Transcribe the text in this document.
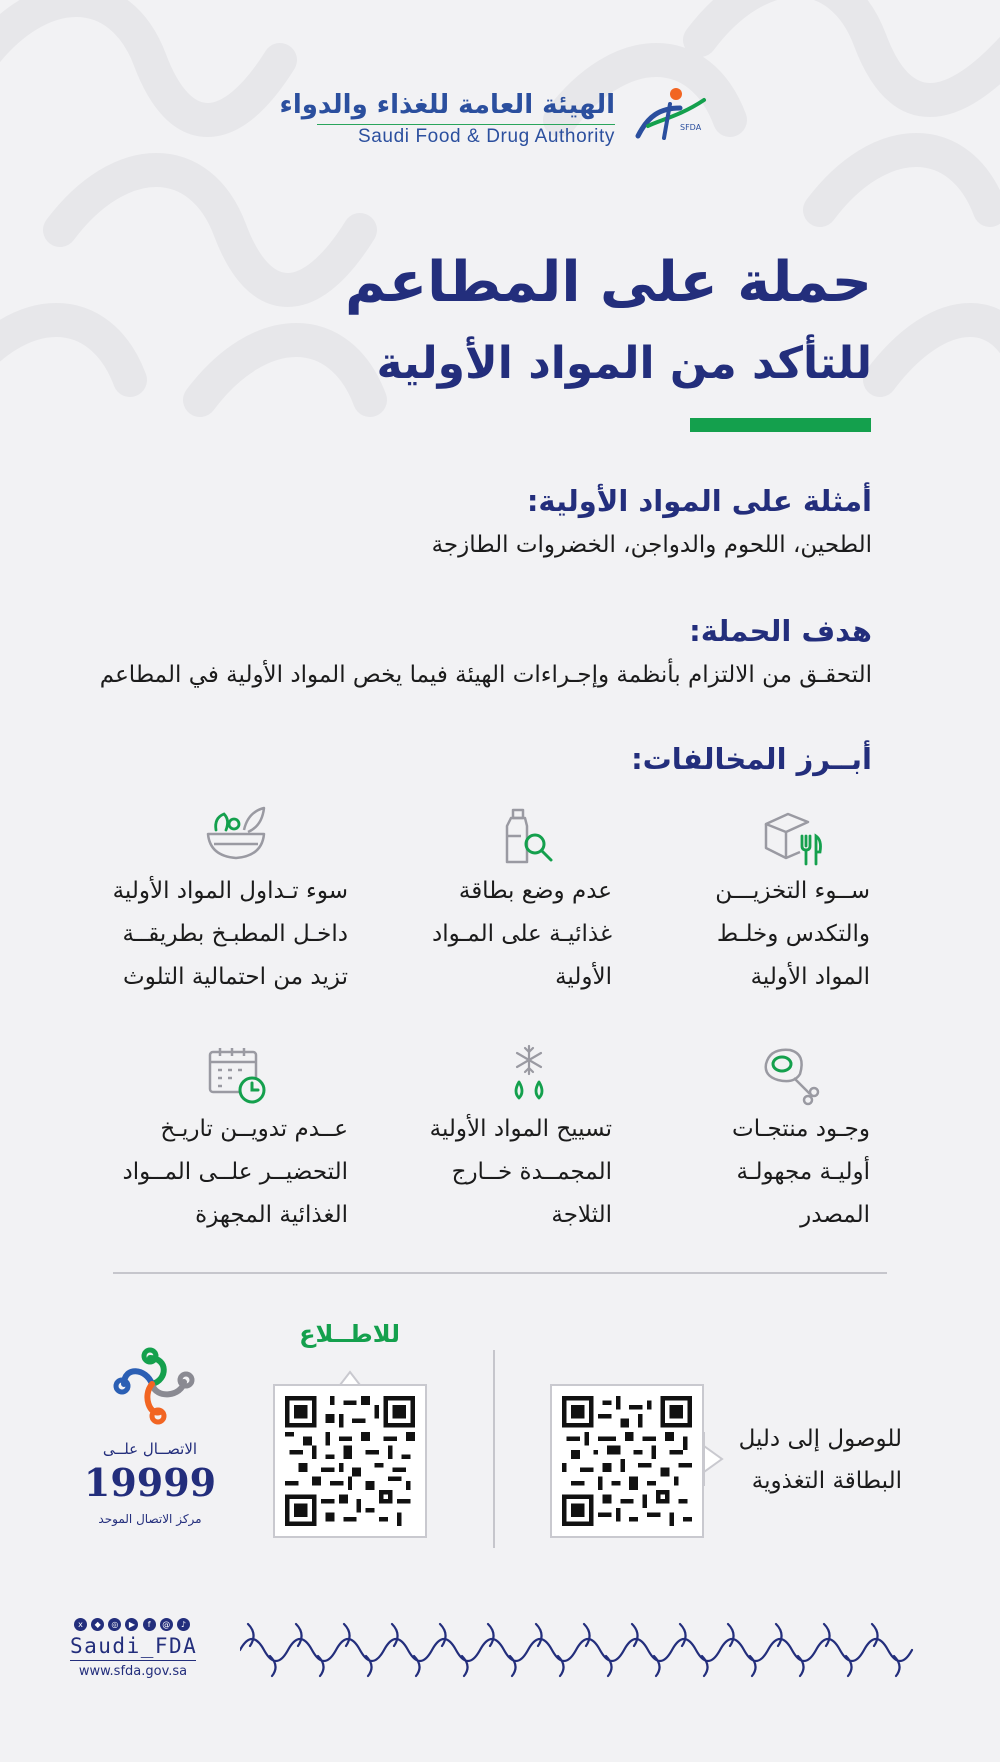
الهيئة العامة للغذاء والدواء
Saudi Food & Drug Authority	SFDA
حملة على المطاعم
للتأكد من المواد الأولية
أمثلة على المواد الأولية:
الطحين، اللحوم والدواجن، الخضروات الطازجة
هدف الحملة:
التحقـق من الالتزام بأنظمة وإجـراءات الهيئة فيما يخص المواد الأولية في المطاعم
أبــرز المخالفات:
ســوء التخزيـــن
والتكدس وخلـط
المواد الأولية
عدم وضع بطاقة
غذائيـة على المـواد
الأولية
سوء تـداول المواد الأولية
داخـل المطبـخ بطريقــة
تزيد من احتمالية التلوث
وجـود منتجـات
أوليـة مجهولـة
المصدر
تسييح المواد الأولية
المجمــدة خــارج
الثلاجة
عــدم تدويــن تاريـخ
التحضيــر علــى المــواد
الغذائية المجهزة
للوصول إلى دليل
البطاقة التغذوية
للاطــلاع
الاتصــال علــى
19999
مركز الاتصال الموحد
x	◆	◎	▶	f	@	♪
Saudi_FDA
www.sfda.gov.sa
